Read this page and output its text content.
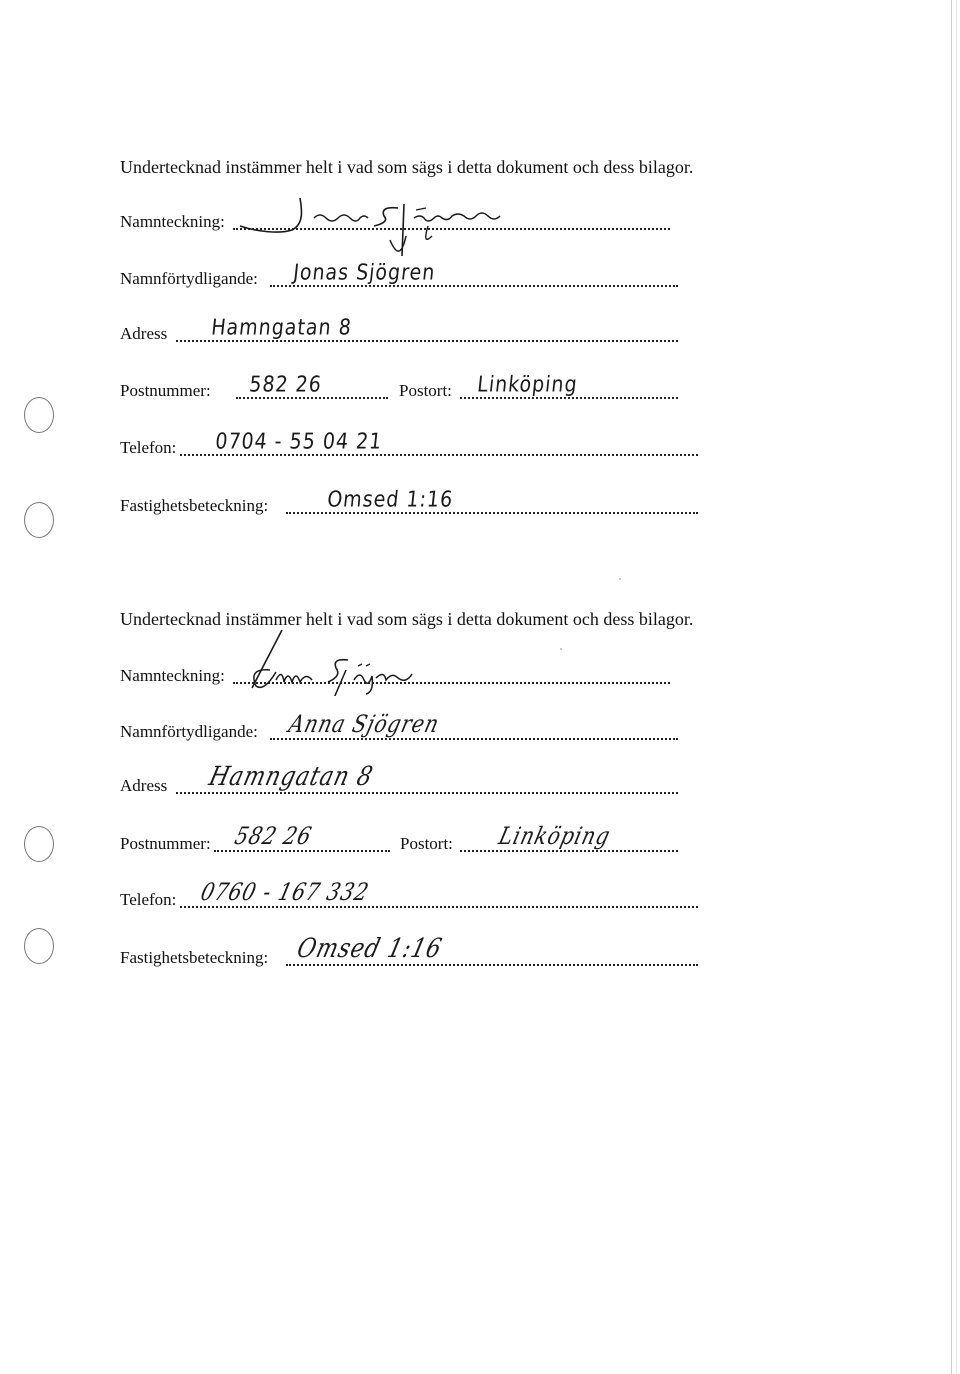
Undertecknad instämmer helt i vad som sägs i detta dokument och dess bilagor.
Namnteckning:
Namnförtydligande: Jonas Sjögren
Adress Hamngatan 8
Postnummer: 582 26	Postort: Linköping
Telefon: 0704 - 55 04 21
Fastighetsbeteckning:	Omsed 1:16
Undertecknad instämmer helt i vad som sägs i detta dokument och dess bilagor.
Namnteckning:
Namnförtydligande: Anna Sjögren
Adress Hamngatan 8
Postnummer: 582 26	Postort: Linköping
Telefon: 0760 - 167 332
Fastighetsbeteckning: Omsed 1:16
